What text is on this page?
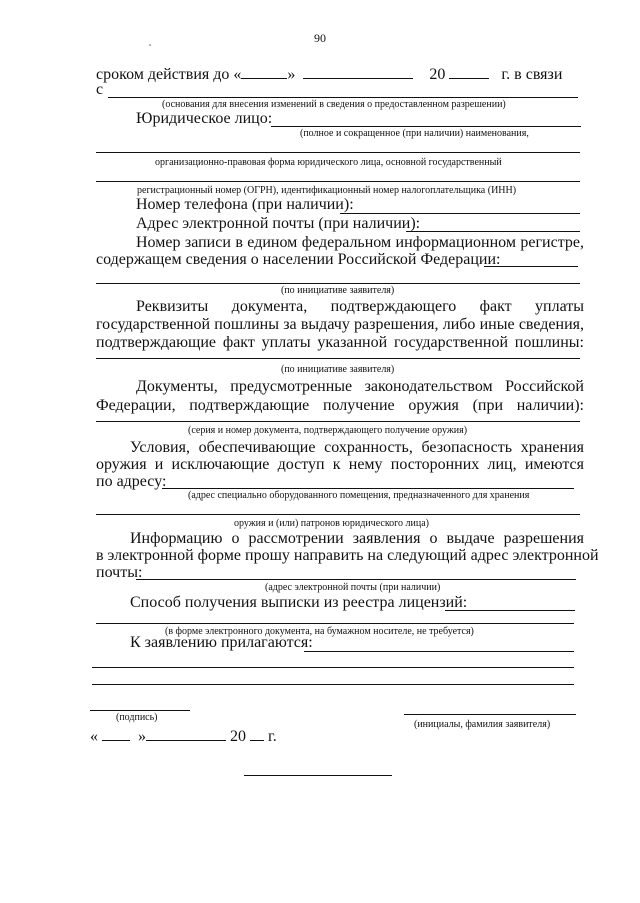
90
сроком действия до «	»	20	г. в связи
с
(основания для внесения изменений в сведения о предоставленном разрешении)
Юридическое лицо:
(полное и сокращенное (при наличии) наименования,
организационно-правовая форма юридического лица, основной государственный
регистрационный номер (ОГРН), идентификационный номер налогоплательщика (ИНН)
Номер телефона (при наличии):
Адрес электронной почты (при наличии):
Номер записи в едином федеральном информационном регистре,
содержащем сведения о населении Российской Федерации:
(по инициативе заявителя)
Реквизиты документа, подтверждающего факт уплаты
государственной пошлины за выдачу разрешения, либо иные сведения,
подтверждающие факт уплаты указанной государственной пошлины:
(по инициативе заявителя)
Документы, предусмотренные законодательством Российской
Федерации, подтверждающие получение оружия (при наличии):
(серия и номер документа, подтверждающего получение оружия)
Условия, обеспечивающие сохранность, безопасность хранения
оружия и исключающие доступ к нему посторонних лиц, имеются
по адресу:
(адрес специально оборудованного помещения, предназначенного для хранения
оружия и (или) патронов юридического лица)
Информацию о рассмотрении заявления о выдаче разрешения
в электронной форме прошу направить на следующий адрес электронной
почты:
(адрес электронной почты (при наличии)
Способ получения выписки из реестра лицензий:
(в форме электронного документа, на бумажном носителе, не требуется)
К заявлению прилагаются:
(подпись)
(инициалы, фамилия заявителя)
«	»	20 г.
